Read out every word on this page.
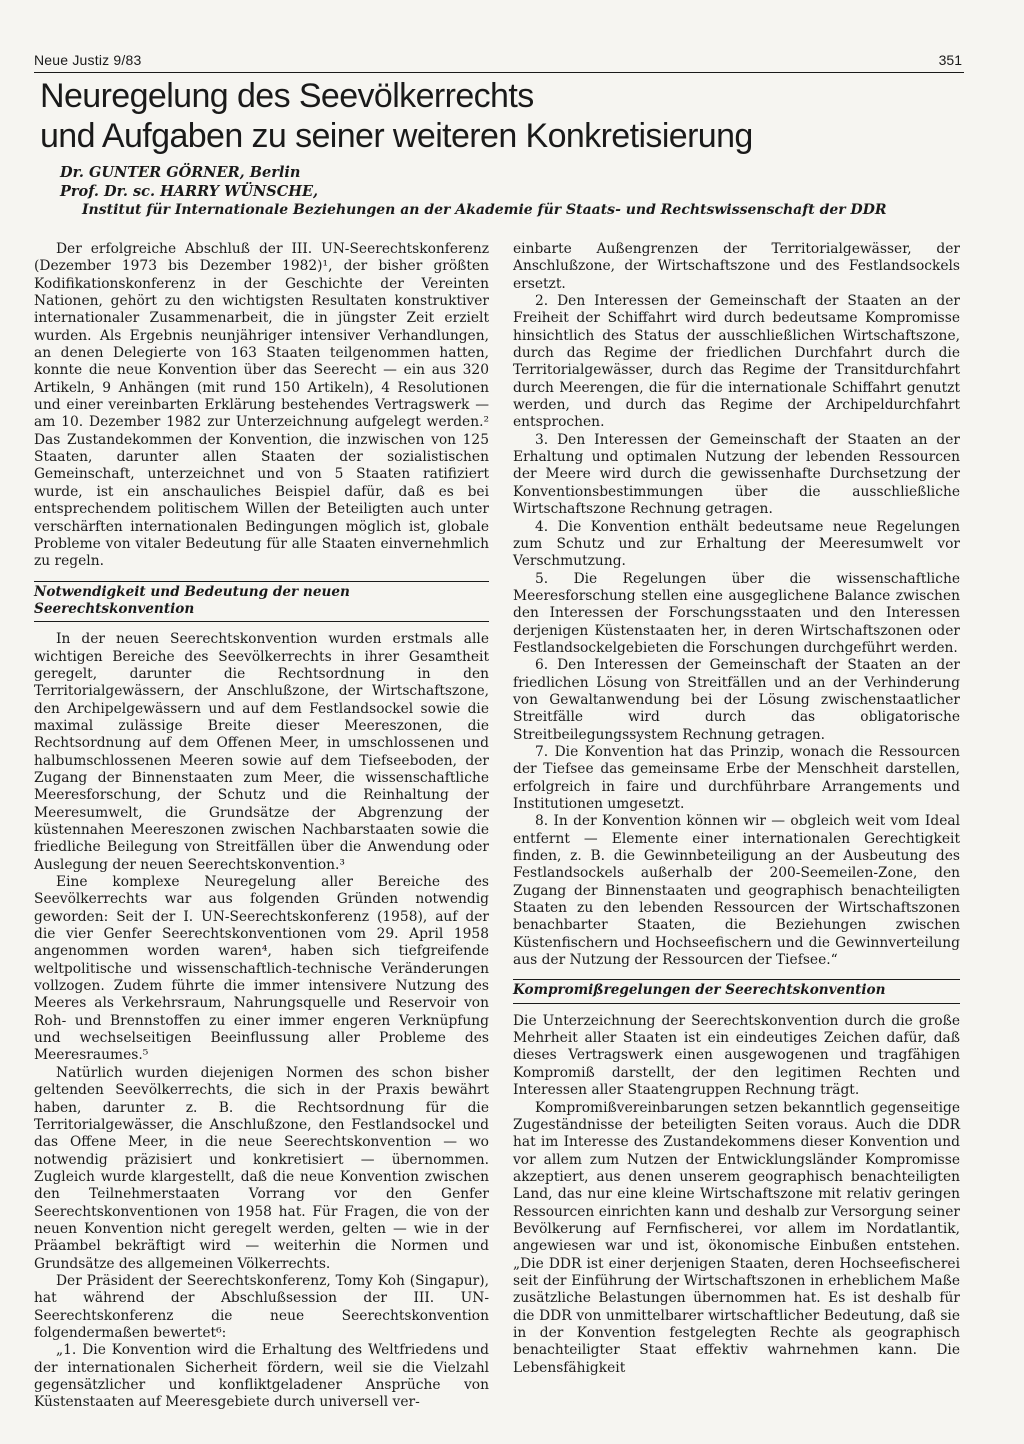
Neue Justiz 9/83	351
Neuregelung des Seevölkerrechts
und Aufgaben zu seiner weiteren Konkretisierung
Dr. GUNTER GÖRNER, Berlin
Prof. Dr. sc. HARRY WÜNSCHE,
Institut für Internationale Beziehungen an der Akademie für Staats- und Rechtswissenschaft der DDR

Der erfolgreiche Abschluß der III. UN-Seerechtskonferenz (Dezember 1973 bis Dezember 1982)¹, der bisher größten Kodifikationskonferenz in der Geschichte der Vereinten Nationen, gehört zu den wichtigsten Resultaten konstruktiver internationaler Zusammenarbeit, die in jüngster Zeit erzielt wurden. Als Ergebnis neunjähriger intensiver Verhandlungen, an denen Delegierte von 163 Staaten teilgenommen hatten, konnte die neue Konvention über das Seerecht — ein aus 320 Artikeln, 9 Anhängen (mit rund 150 Artikeln), 4 Resolutionen und einer vereinbarten Erklärung bestehendes Vertragswerk — am 10. Dezember 1982 zur Unterzeichnung aufgelegt werden.² Das Zustandekommen der Konvention, die inzwischen von 125 Staaten, darunter allen Staaten der sozialistischen Gemeinschaft, unterzeichnet und von 5 Staaten ratifiziert wurde, ist ein anschauliches Beispiel dafür, daß es bei entsprechendem politischem Willen der Beteiligten auch unter verschärften internationalen Bedingungen möglich ist, globale Probleme von vitaler Bedeutung für alle Staaten einvernehmlich zu regeln.

Notwendigkeit und Bedeutung der neuen Seerechtskonvention

In der neuen Seerechtskonvention wurden erstmals alle wichtigen Bereiche des Seevölkerrechts in ihrer Gesamtheit geregelt, darunter die Rechtsordnung in den Territorialgewässern, der Anschlußzone, der Wirtschaftszone, den Archipelgewässern und auf dem Festlandsockel sowie die maximal zulässige Breite dieser Meereszonen, die Rechtsordnung auf dem Offenen Meer, in umschlossenen und halbumschlossenen Meeren sowie auf dem Tiefseeboden, der Zugang der Binnenstaaten zum Meer, die wissenschaftliche Meeresforschung, der Schutz und die Reinhaltung der Meeresumwelt, die Grundsätze der Abgrenzung der küstennahen Meereszonen zwischen Nachbarstaaten sowie die friedliche Beilegung von Streitfällen über die Anwendung oder Auslegung der neuen Seerechtskonvention.³

Eine komplexe Neuregelung aller Bereiche des Seevölkerrechts war aus folgenden Gründen notwendig geworden: Seit der I. UN-Seerechtskonferenz (1958), auf der die vier Genfer Seerechtskonventionen vom 29. April 1958 angenommen worden waren⁴, haben sich tiefgreifende weltpolitische und wissenschaftlich-technische Veränderungen vollzogen. Zudem führte die immer intensivere Nutzung des Meeres als Verkehrsraum, Nahrungsquelle und Reservoir von Roh- und Brennstoffen zu einer immer engeren Verknüpfung und wechselseitigen Beeinflussung aller Probleme des Meeresraumes.⁵

Natürlich wurden diejenigen Normen des schon bisher geltenden Seevölkerrechts, die sich in der Praxis bewährt haben, darunter z. B. die Rechtsordnung für die Territorialgewässer, die Anschlußzone, den Festlandsockel und das Offene Meer, in die neue Seerechtskonvention — wo notwendig präzisiert und konkretisiert — übernommen. Zugleich wurde klargestellt, daß die neue Konvention zwischen den Teilnehmerstaaten Vorrang vor den Genfer Seerechtskonventionen von 1958 hat. Für Fragen, die von der neuen Konvention nicht geregelt werden, gelten — wie in der Präambel bekräftigt wird — weiterhin die Normen und Grundsätze des allgemeinen Völkerrechts.

Der Präsident der Seerechtskonferenz, Tomy Koh (Singapur), hat während der Abschlußsession der III. UN-Seerechtskonferenz die neue Seerechtskonvention folgendermaßen bewertet⁶:

„1. Die Konvention wird die Erhaltung des Weltfriedens und der internationalen Sicherheit fördern, weil sie die Vielzahl gegensätzlicher und konfliktgeladener Ansprüche von Küstenstaaten auf Meeresgebiete durch universell ver-

einbarte Außengrenzen der Territorialgewässer, der Anschlußzone, der Wirtschaftszone und des Festlandsockels ersetzt.

2. Den Interessen der Gemeinschaft der Staaten an der Freiheit der Schiffahrt wird durch bedeutsame Kompromisse hinsichtlich des Status der ausschließlichen Wirtschaftszone, durch das Regime der friedlichen Durchfahrt durch die Territorialgewässer, durch das Regime der Transitdurchfahrt durch Meerengen, die für die internationale Schiffahrt genutzt werden, und durch das Regime der Archipeldurchfahrt entsprochen.

3. Den Interessen der Gemeinschaft der Staaten an der Erhaltung und optimalen Nutzung der lebenden Ressourcen der Meere wird durch die gewissenhafte Durchsetzung der Konventionsbestimmungen über die ausschließliche Wirtschaftszone Rechnung getragen.

4. Die Konvention enthält bedeutsame neue Regelungen zum Schutz und zur Erhaltung der Meeresumwelt vor Verschmutzung.

5. Die Regelungen über die wissenschaftliche Meeresforschung stellen eine ausgeglichene Balance zwischen den Interessen der Forschungsstaaten und den Interessen derjenigen Küstenstaaten her, in deren Wirtschaftszonen oder Festlandsockelgebieten die Forschungen durchgeführt werden.

6. Den Interessen der Gemeinschaft der Staaten an der friedlichen Lösung von Streitfällen und an der Verhinderung von Gewaltanwendung bei der Lösung zwischenstaatlicher Streitfälle wird durch das obligatorische Streitbeilegungssystem Rechnung getragen.

7. Die Konvention hat das Prinzip, wonach die Ressourcen der Tiefsee das gemeinsame Erbe der Menschheit darstellen, erfolgreich in faire und durchführbare Arrangements und Institutionen umgesetzt.

8. In der Konvention können wir — obgleich weit vom Ideal entfernt — Elemente einer internationalen Gerechtigkeit finden, z. B. die Gewinnbeteiligung an der Ausbeutung des Festlandsockels außerhalb der 200-Seemeilen-Zone, den Zugang der Binnenstaaten und geographisch benachteiligten Staaten zu den lebenden Ressourcen der Wirtschaftszonen benachbarter Staaten, die Beziehungen zwischen Küstenfischern und Hochseefischern und die Gewinnverteilung aus der Nutzung der Ressourcen der Tiefsee.“

Kompromißregelungen der Seerechtskonvention

Die Unterzeichnung der Seerechtskonvention durch die große Mehrheit aller Staaten ist ein eindeutiges Zeichen dafür, daß dieses Vertragswerk einen ausgewogenen und tragfähigen Kompromiß darstellt, der den legitimen Rechten und Interessen aller Staatengruppen Rechnung trägt.

Kompromißvereinbarungen setzen bekanntlich gegenseitige Zugeständnisse der beteiligten Seiten voraus. Auch die DDR hat im Interesse des Zustandekommens dieser Konvention und vor allem zum Nutzen der Entwicklungsländer Kompromisse akzeptiert, aus denen unserem geographisch benachteiligten Land, das nur eine kleine Wirtschaftszone mit relativ geringen Ressourcen einrichten kann und deshalb zur Versorgung seiner Bevölkerung auf Fernfischerei, vor allem im Nordatlantik, angewiesen war und ist, ökonomische Einbußen entstehen. „Die DDR ist einer derjenigen Staaten, deren Hochseefischerei seit der Einführung der Wirtschaftszonen in erheblichem Maße zusätzliche Belastungen übernommen hat. Es ist deshalb für die DDR von unmittelbarer wirtschaftlicher Bedeutung, daß sie in der Konvention festgelegten Rechte als geographisch benachteiligter Staat effektiv wahrnehmen kann. Die Lebensfähigkeit
